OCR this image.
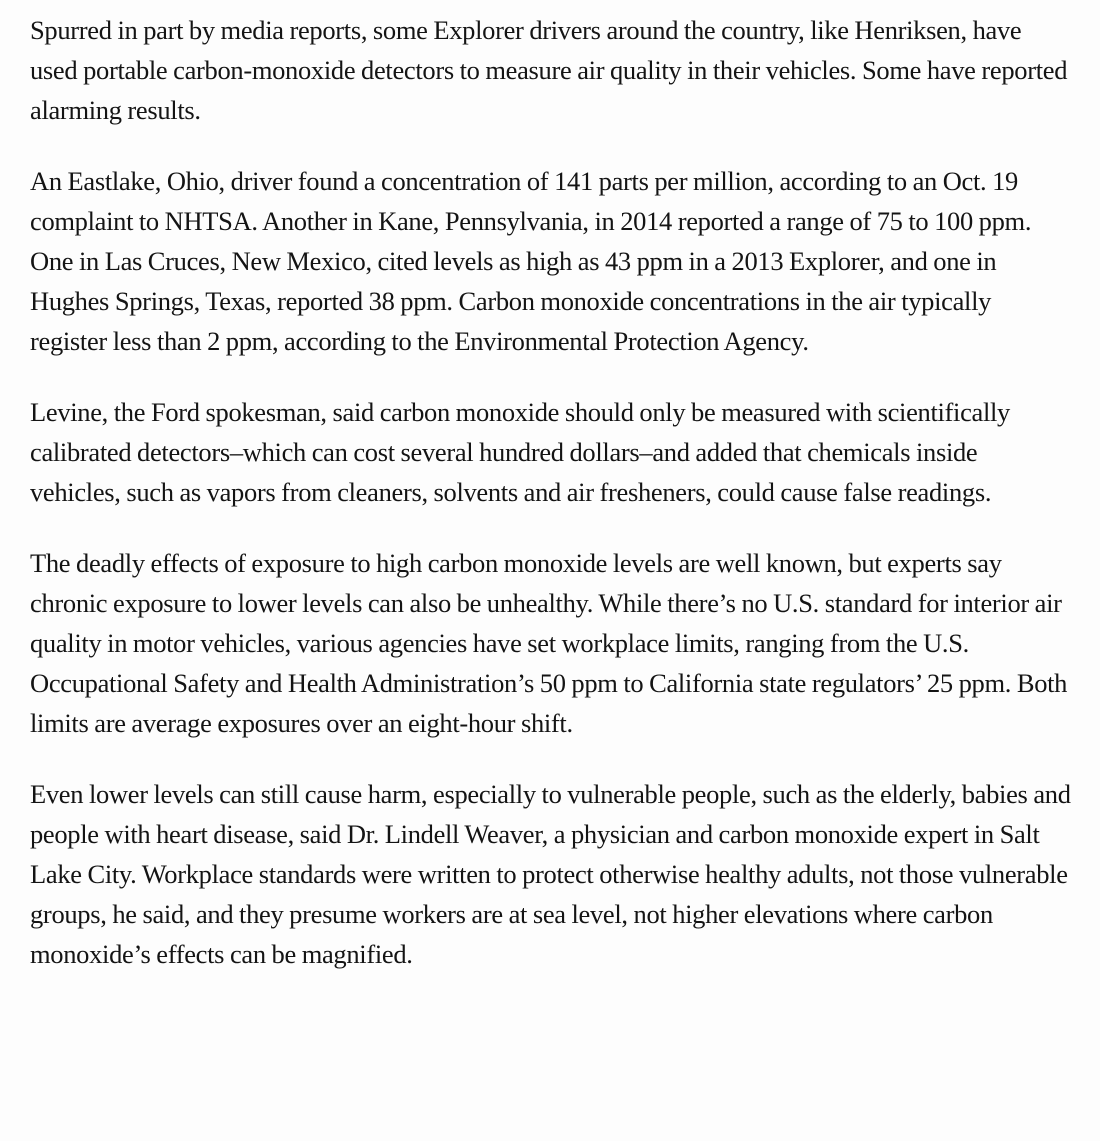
Spurred in part by media reports, some Explorer drivers around the country, like Henriksen, have used portable carbon-monoxide detectors to measure air quality in their vehicles. Some have reported alarming results.

An Eastlake, Ohio, driver found a concentration of 141 parts per million, according to an Oct. 19 complaint to NHTSA. Another in Kane, Pennsylvania, in 2014 reported a range of 75 to 100 ppm. One in Las Cruces, New Mexico, cited levels as high as 43 ppm in a 2013 Explorer, and one in Hughes Springs, Texas, reported 38 ppm. Carbon monoxide concentrations in the air typically register less than 2 ppm, according to the Environmental Protection Agency.

Levine, the Ford spokesman, said carbon monoxide should only be measured with scientifically calibrated detectors–which can cost several hundred dollars–and added that chemicals inside vehicles, such as vapors from cleaners, solvents and air fresheners, could cause false readings.

The deadly effects of exposure to high carbon monoxide levels are well known, but experts say chronic exposure to lower levels can also be unhealthy. While there’s no U.S. standard for interior air quality in motor vehicles, various agencies have set workplace limits, ranging from the U.S. Occupational Safety and Health Administration’s 50 ppm to California state regulators’ 25 ppm. Both limits are average exposures over an eight-hour shift.

Even lower levels can still cause harm, especially to vulnerable people, such as the elderly, babies and people with heart disease, said Dr. Lindell Weaver, a physician and carbon monoxide expert in Salt Lake City. Workplace standards were written to protect otherwise healthy adults, not those vulnerable groups, he said, and they presume workers are at sea level, not higher elevations where carbon monoxide’s effects can be magnified.
